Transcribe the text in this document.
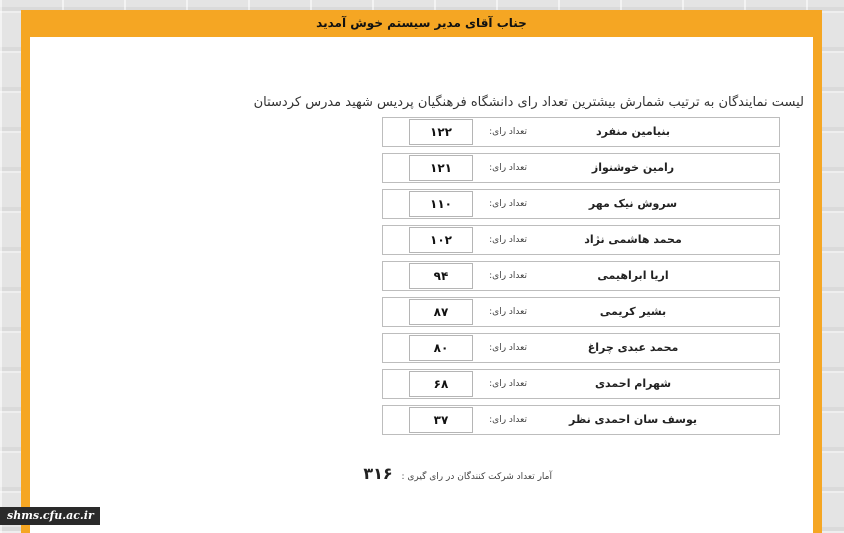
جناب آقای مدیر سیستم خوش آمدید
لیست نمایندگان به ترتیب شمارش بیشترین تعداد رای دانشگاه فرهنگیان پردیس شهید مدرس کردستان
بنیامین منفرد
تعداد رای:
۱۲۲
رامین خوشنواز
تعداد رای:
۱۲۱
سروش نیک مهر
تعداد رای:
۱۱۰
محمد هاشمی نژاد
تعداد رای:
۱۰۲
اریا ابراهیمی
تعداد رای:
۹۴
بشیر کریمی
تعداد رای:
۸۷
محمد عبدی چراغ
تعداد رای:
۸۰
شهرام احمدی
تعداد رای:
۶۸
یوسف سان احمدی نظر
تعداد رای:
۳۷
آمار تعداد شرکت کنندگان در رای گیری : ۳۱۶
shms.cfu.ac.ir
